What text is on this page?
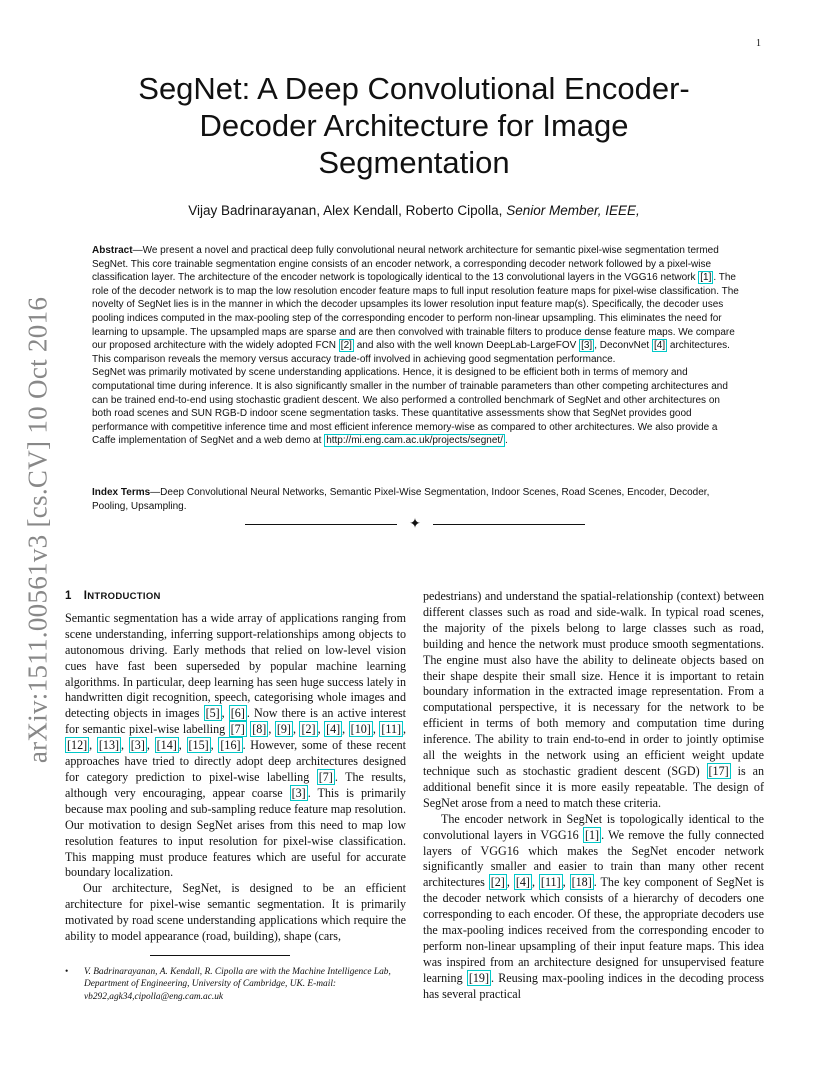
1
arXiv:1511.00561v3 [cs.CV] 10 Oct 2016
SegNet: A Deep Convolutional Encoder-Decoder Architecture for Image Segmentation
Vijay Badrinarayanan, Alex Kendall, Roberto Cipolla, Senior Member, IEEE,

Abstract—We present a novel and practical deep fully convolutional neural network architecture for semantic pixel-wise segmentation termed SegNet. This core trainable segmentation engine consists of an encoder network, a corresponding decoder network followed by a pixel-wise classification layer. The architecture of the encoder network is topologically identical to the 13 convolutional layers in the VGG16 network [1] . The role of the decoder network is to map the low resolution encoder feature maps to full input resolution feature maps for pixel-wise classification. The novelty of SegNet lies is in the manner in which the decoder upsamples its lower resolution input feature map(s). Specifically, the decoder uses pooling indices computed in the max-pooling step of the corresponding encoder to perform non-linear upsampling. This eliminates the need for learning to upsample. The upsampled maps are sparse and are then convolved with trainable filters to produce dense feature maps. We compare our proposed architecture with the widely adopted FCN [2] and also with the well known DeepLab-LargeFOV [3] , DeconvNet [4] architectures. This comparison reveals the memory versus accuracy trade-off involved in achieving good segmentation performance.

SegNet was primarily motivated by scene understanding applications. Hence, it is designed to be efficient both in terms of memory and computational time during inference. It is also significantly smaller in the number of trainable parameters than other competing architectures and can be trained end-to-end using stochastic gradient descent. We also performed a controlled benchmark of SegNet and other architectures on both road scenes and SUN RGB-D indoor scene segmentation tasks. These quantitative assessments show that SegNet provides good performance with competitive inference time and most efficient inference memory-wise as compared to other architectures. We also provide a Caffe implementation of SegNet and a web demo at http://mi.eng.cam.ac.uk/projects/segnet/ .

Index Terms—Deep Convolutional Neural Networks, Semantic Pixel-Wise Segmentation, Indoor Scenes, Road Scenes, Encoder, Decoder, Pooling, Upsampling.
✦
1 INTRODUCTION

Semantic segmentation has a wide array of applications ranging from scene understanding, inferring support-relationships among objects to autonomous driving. Early methods that relied on low-level vision cues have fast been superseded by popular machine learning algorithms. In particular, deep learning has seen huge success lately in handwritten digit recognition, speech, categorising whole images and detecting objects in images [5] , [6] . Now there is an active interest for semantic pixel-wise labelling [7] [8] , [9] , [2] , [4] , [10] , [11] , [12] , [13] , [3] , [14] , [15] , [16] . However, some of these recent approaches have tried to directly adopt deep architectures designed for category prediction to pixel-wise labelling [7] . The results, although very encouraging, appear coarse [3] . This is primarily because max pooling and sub-sampling reduce feature map resolution. Our motivation to design SegNet arises from this need to map low resolution features to input resolution for pixel-wise classification. This mapping must produce features which are useful for accurate boundary localization.

Our architecture, SegNet, is designed to be an efficient architecture for pixel-wise semantic segmentation. It is primarily motivated by road scene understanding applications which require the ability to model appearance (road, building), shape (cars,

pedestrians) and understand the spatial-relationship (context) between different classes such as road and side-walk. In typical road scenes, the majority of the pixels belong to large classes such as road, building and hence the network must produce smooth segmentations. The engine must also have the ability to delineate objects based on their shape despite their small size. Hence it is important to retain boundary information in the extracted image representation. From a computational perspective, it is necessary for the network to be efficient in terms of both memory and computation time during inference. The ability to train end-to-end in order to jointly optimise all the weights in the network using an efficient weight update technique such as stochastic gradient descent (SGD) [17] is an additional benefit since it is more easily repeatable. The design of SegNet arose from a need to match these criteria.

The encoder network in SegNet is topologically identical to the convolutional layers in VGG16 [1] . We remove the fully connected layers of VGG16 which makes the SegNet encoder network significantly smaller and easier to train than many other recent architectures [2] , [4] , [11] , [18] . The key component of SegNet is the decoder network which consists of a hierarchy of decoders one corresponding to each encoder. Of these, the appropriate decoders use the max-pooling indices received from the corresponding encoder to perform non-linear upsampling of their input feature maps. This idea was inspired from an architecture designed for unsupervised feature learning [19] . Reusing max-pooling indices in the decoding process has several practical

• V. Badrinarayanan, A. Kendall, R. Cipolla are with the Machine Intelligence Lab, Department of Engineering, University of Cambridge, UK. E-mail: vb292,agk34,cipolla@eng.cam.ac.uk
